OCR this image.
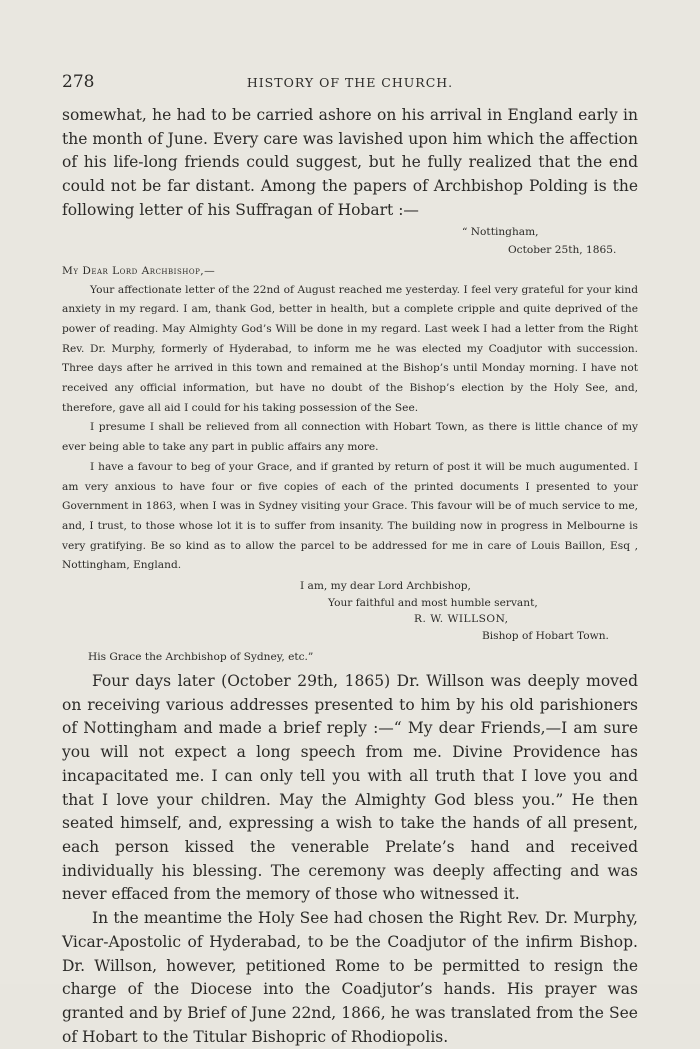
278	HISTORY OF THE CHURCH.

somewhat, he had to be carried ashore on his arrival in England early in the month of June. Every care was lavished upon him which the affection of his life-long friends could suggest, but he fully realized that the end could not be far distant. Among the papers of Archbishop Polding is the following letter of his Suffragan of Hobart :—

“ Nottingham,
October 25th, 1865.
My Dear Lord Archbishop,—

Your affectionate letter of the 22nd of August reached me yesterday. I feel very grateful for your kind anxiety in my regard. I am, thank God, better in health, but a complete cripple and quite deprived of the power of reading. May Almighty God’s Will be done in my regard. Last week I had a letter from the Right Rev. Dr. Murphy, formerly of Hyderabad, to inform me he was elected my Coadjutor with succession. Three days after he arrived in this town and remained at the Bishop’s until Monday morning. I have not received any official information, but have no doubt of the Bishop’s election by the Holy See, and, therefore, gave all aid I could for his taking possession of the See.

I presume I shall be relieved from all connection with Hobart Town, as there is little chance of my ever being able to take any part in public affairs any more.

I have a favour to beg of your Grace, and if granted by return of post it will be much augumented. I am very anxious to have four or five copies of each of the printed documents I presented to your Government in 1863, when I was in Sydney visiting your Grace. This favour will be of much service to me, and, I trust, to those whose lot it is to suffer from insanity. The building now in progress in Melbourne is very gratifying. Be so kind as to allow the parcel to be addressed for me in care of Louis Baillon, Esq , Nottingham, England.

I am, my dear Lord Archbishop,
Your faithful and most humble servant,
R. W. WILLSON,
Bishop of Hobart Town.
His Grace the Archbishop of Sydney, etc.”

Four days later (October 29th, 1865) Dr. Willson was deeply moved on receiving various addresses presented to him by his old parishioners of Nottingham and made a brief reply :—“ My dear Friends,—I am sure you will not expect a long speech from me. Divine Providence has incapacitated me. I can only tell you with all truth that I love you and that I love your children. May the Almighty God bless you.” He then seated himself, and, expressing a wish to take the hands of all present, each person kissed the venerable Prelate’s hand and received individually his blessing. The ceremony was deeply affecting and was never effaced from the memory of those who witnessed it.

In the meantime the Holy See had chosen the Right Rev. Dr. Murphy, Vicar-Apostolic of Hyderabad, to be the Coadjutor of the infirm Bishop. Dr. Willson, however, petitioned Rome to be permitted to resign the charge of the Diocese into the Coadjutor’s hands. His prayer was granted and by Brief of June 22nd, 1866, he was translated from the See of Hobart to the Titular Bishopric of Rhodiopolis.
